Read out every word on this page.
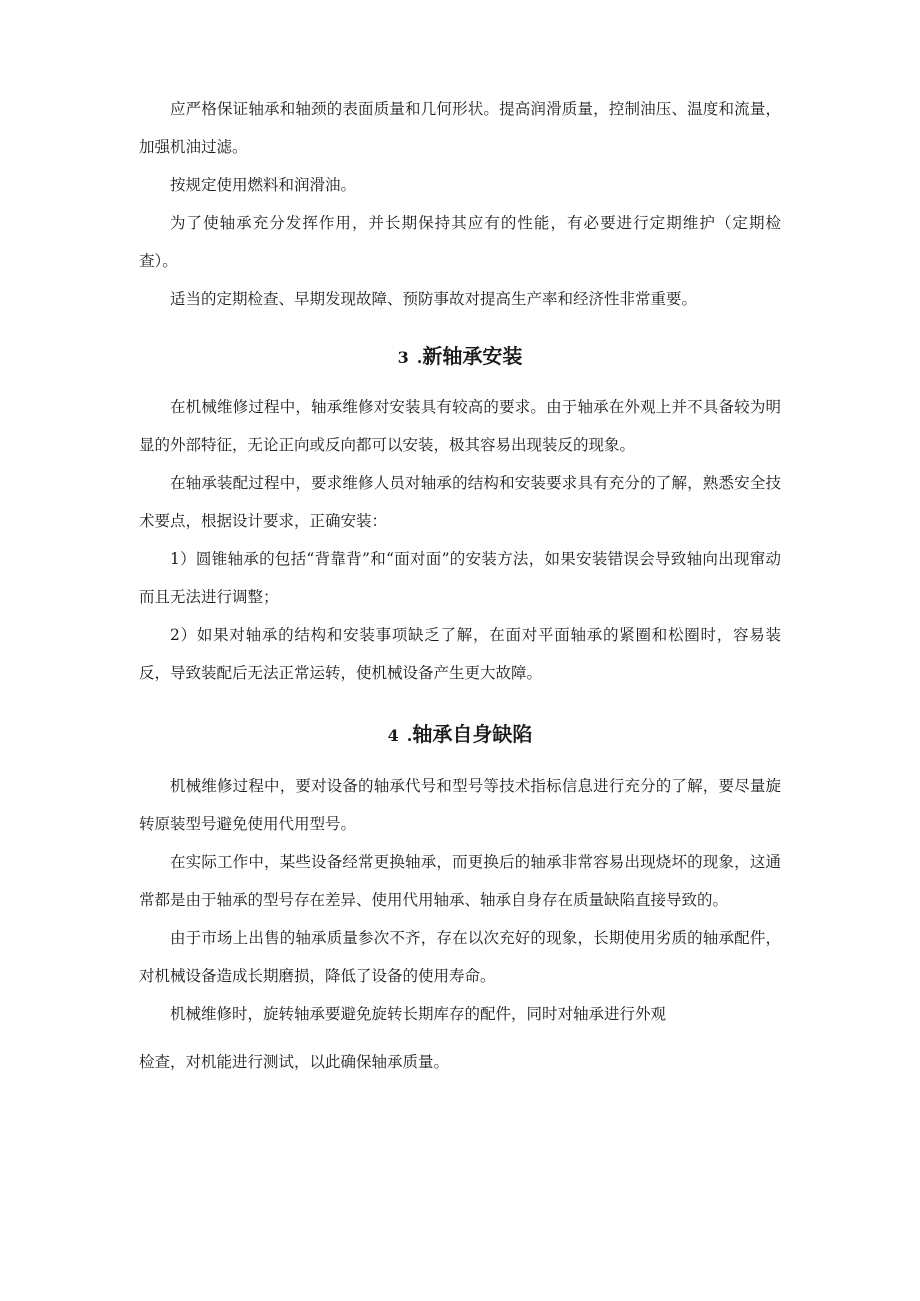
应严格保证轴承和轴颈的表面质量和几何形状。提高润滑质量，控制油压、温度和流量，加强机油过滤。

按规定使用燃料和润滑油。

为了使轴承充分发挥作用，并长期保持其应有的性能，有必要进行定期维护（定期检查）。

适当的定期检查、早期发现故障、预防事故对提高生产率和经济性非常重要。

3 .新轴承安装

在机械维修过程中，轴承维修对安装具有较高的要求。由于轴承在外观上并不具备较为明显的外部特征，无论正向或反向都可以安装，极其容易出现装反的现象。

在轴承装配过程中，要求维修人员对轴承的结构和安装要求具有充分的了解，熟悉安全技术要点，根据设计要求，正确安装：

1）圆锥轴承的包括“背靠背”和“面对面”的安装方法，如果安装错误会导致轴向出现窜动而且无法进行调整；

2）如果对轴承的结构和安装事项缺乏了解，在面对平面轴承的紧圈和松圈时，容易装反，导致装配后无法正常运转，使机械设备产生更大故障。

4 .轴承自身缺陷

机械维修过程中，要对设备的轴承代号和型号等技术指标信息进行充分的了解，要尽量旋转原装型号避免使用代用型号。

在实际工作中，某些设备经常更换轴承，而更换后的轴承非常容易出现烧坏的现象，这通常都是由于轴承的型号存在差异、使用代用轴承、轴承自身存在质量缺陷直接导致的。

由于市场上出售的轴承质量参次不齐，存在以次充好的现象，长期使用劣质的轴承配件，对机械设备造成长期磨损，降低了设备的使用寿命。

机械维修时，旋转轴承要避免旋转长期库存的配件，同时对轴承进行外观

检查，对机能进行测试，以此确保轴承质量。
